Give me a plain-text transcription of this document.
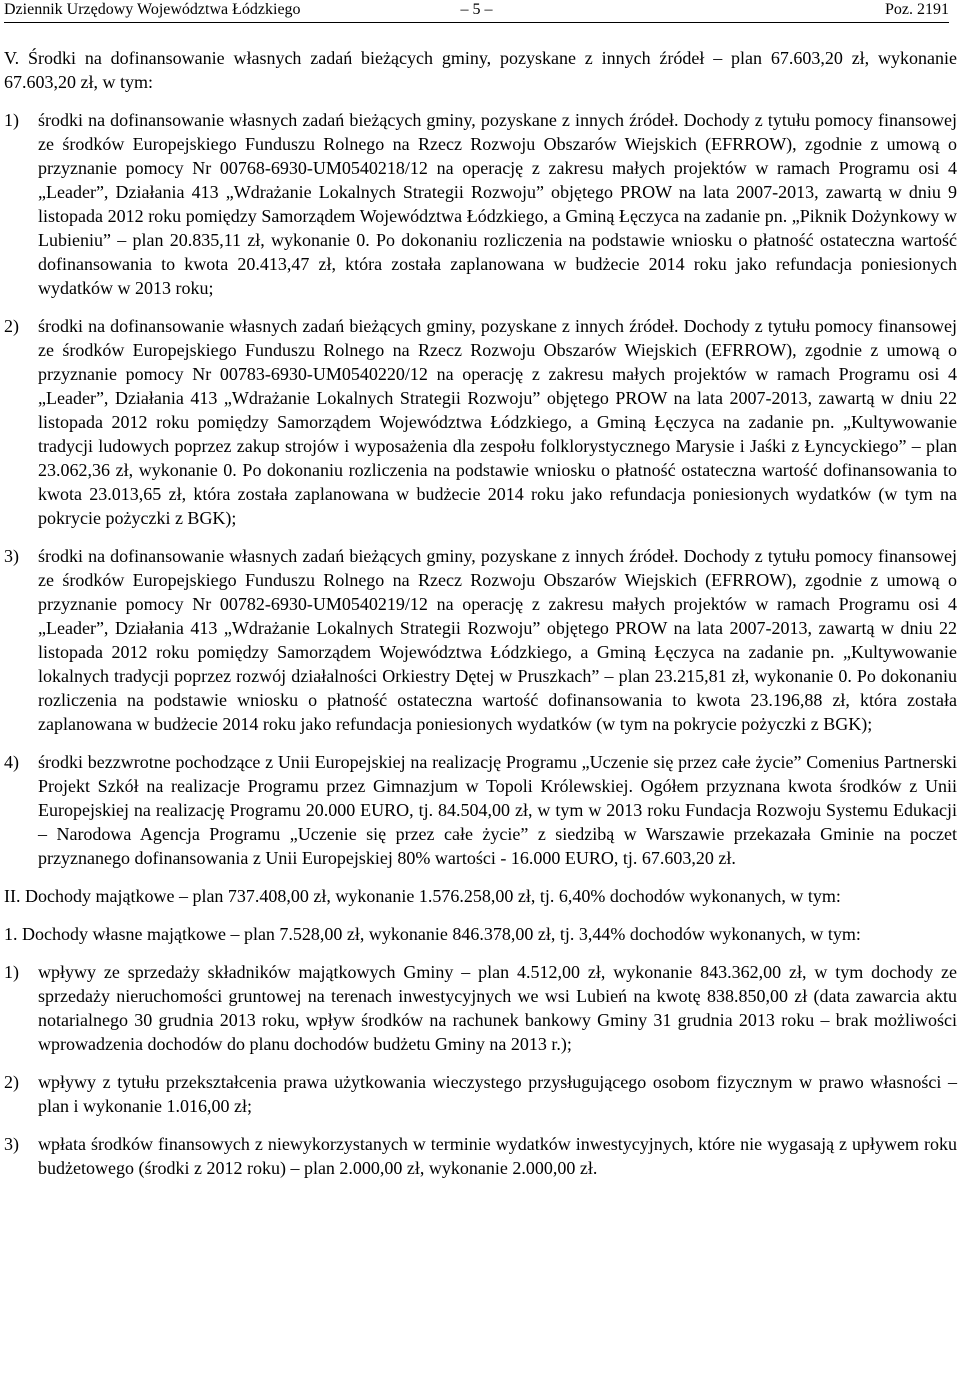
Dziennik Urzędowy Województwa Łódzkiego	– 5 –	Poz. 2191

V. Środki na dofinansowanie własnych zadań bieżących gminy, pozyskane z innych źródeł – plan 67.603,20 zł, wykonanie 67.603,20 zł, w tym:

1) środki na dofinansowanie własnych zadań bieżących gminy, pozyskane z innych źródeł. Dochody z tytułu pomocy finansowej ze środków Europejskiego Funduszu Rolnego na Rzecz Rozwoju Obszarów Wiejskich (EFRROW), zgodnie z umową o przyznanie pomocy Nr 00768-6930-UM0540218/12 na operację z zakresu małych projektów w ramach Programu osi 4 „Leader”, Działania 413 „Wdrażanie Lokalnych Strategii Rozwoju” objętego PROW na lata 2007-2013, zawartą w dniu 9 listopada 2012 roku pomiędzy Samorządem Województwa Łódzkiego, a Gminą Łęczyca na zadanie pn. „Piknik Dożynkowy w Lubieniu” – plan 20.835,11 zł, wykonanie 0. Po dokonaniu rozliczenia na podstawie wniosku o płatność ostateczna wartość dofinansowania to kwota 20.413,47 zł, która została zaplanowana w budżecie 2014 roku jako refundacja poniesionych wydatków w 2013 roku;

2) środki na dofinansowanie własnych zadań bieżących gminy, pozyskane z innych źródeł. Dochody z tytułu pomocy finansowej ze środków Europejskiego Funduszu Rolnego na Rzecz Rozwoju Obszarów Wiejskich (EFRROW), zgodnie z umową o przyznanie pomocy Nr 00783-6930-UM0540220/12 na operację z zakresu małych projektów w ramach Programu osi 4 „Leader”, Działania 413 „Wdrażanie Lokalnych Strategii Rozwoju” objętego PROW na lata 2007-2013, zawartą w dniu 22 listopada 2012 roku pomiędzy Samorządem Województwa Łódzkiego, a Gminą Łęczyca na zadanie pn. „Kultywowanie tradycji ludowych poprzez zakup strojów i wyposażenia dla zespołu folklorystycznego Marysie i Jaśki z Łyncyckiego” – plan 23.062,36 zł, wykonanie 0. Po dokonaniu rozliczenia na podstawie wniosku o płatność ostateczna wartość dofinansowania to kwota 23.013,65 zł, która została zaplanowana w budżecie 2014 roku jako refundacja poniesionych wydatków (w tym na pokrycie pożyczki z BGK);

3) środki na dofinansowanie własnych zadań bieżących gminy, pozyskane z innych źródeł. Dochody z tytułu pomocy finansowej ze środków Europejskiego Funduszu Rolnego na Rzecz Rozwoju Obszarów Wiejskich (EFRROW), zgodnie z umową o przyznanie pomocy Nr 00782-6930-UM0540219/12 na operację z zakresu małych projektów w ramach Programu osi 4 „Leader”, Działania 413 „Wdrażanie Lokalnych Strategii Rozwoju” objętego PROW na lata 2007-2013, zawartą w dniu 22 listopada 2012 roku pomiędzy Samorządem Województwa Łódzkiego, a Gminą Łęczyca na zadanie pn. „Kultywowanie lokalnych tradycji poprzez rozwój działalności Orkiestry Dętej w Pruszkach” – plan 23.215,81 zł, wykonanie 0. Po dokonaniu rozliczenia na podstawie wniosku o płatność ostateczna wartość dofinansowania to kwota 23.196,88 zł, która została zaplanowana w budżecie 2014 roku jako refundacja poniesionych wydatków (w tym na pokrycie pożyczki z BGK);

4) środki bezzwrotne pochodzące z Unii Europejskiej na realizację Programu „Uczenie się przez całe życie” Comenius Partnerski Projekt Szkół na realizacje Programu przez Gimnazjum w Topoli Królewskiej. Ogółem przyznana kwota środków z Unii Europejskiej na realizację Programu 20.000 EURO, tj. 84.504,00 zł, w tym w 2013 roku Fundacja Rozwoju Systemu Edukacji – Narodowa Agencja Programu „Uczenie się przez całe życie” z siedzibą w Warszawie przekazała Gminie na poczet przyznanego dofinansowania z Unii Europejskiej 80% wartości - 16.000 EURO, tj. 67.603,20 zł.

II. Dochody majątkowe – plan 737.408,00 zł, wykonanie 1.576.258,00 zł, tj. 6,40% dochodów wykonanych, w tym:

1. Dochody własne majątkowe – plan 7.528,00 zł, wykonanie 846.378,00 zł, tj. 3,44% dochodów wykonanych, w tym:

1) wpływy ze sprzedaży składników majątkowych Gminy – plan 4.512,00 zł, wykonanie 843.362,00 zł, w tym dochody ze sprzedaży nieruchomości gruntowej na terenach inwestycyjnych we wsi Lubień na kwotę 838.850,00 zł (data zawarcia aktu notarialnego 30 grudnia 2013 roku, wpływ środków na rachunek bankowy Gminy 31 grudnia 2013 roku – brak możliwości wprowadzenia dochodów do planu dochodów budżetu Gminy na 2013 r.);

2) wpływy z tytułu przekształcenia prawa użytkowania wieczystego przysługującego osobom fizycznym w prawo własności – plan i wykonanie 1.016,00 zł;

3) wpłata środków finansowych z niewykorzystanych w terminie wydatków inwestycyjnych, które nie wygasają z upływem roku budżetowego (środki z 2012 roku) – plan 2.000,00 zł, wykonanie 2.000,00 zł.
